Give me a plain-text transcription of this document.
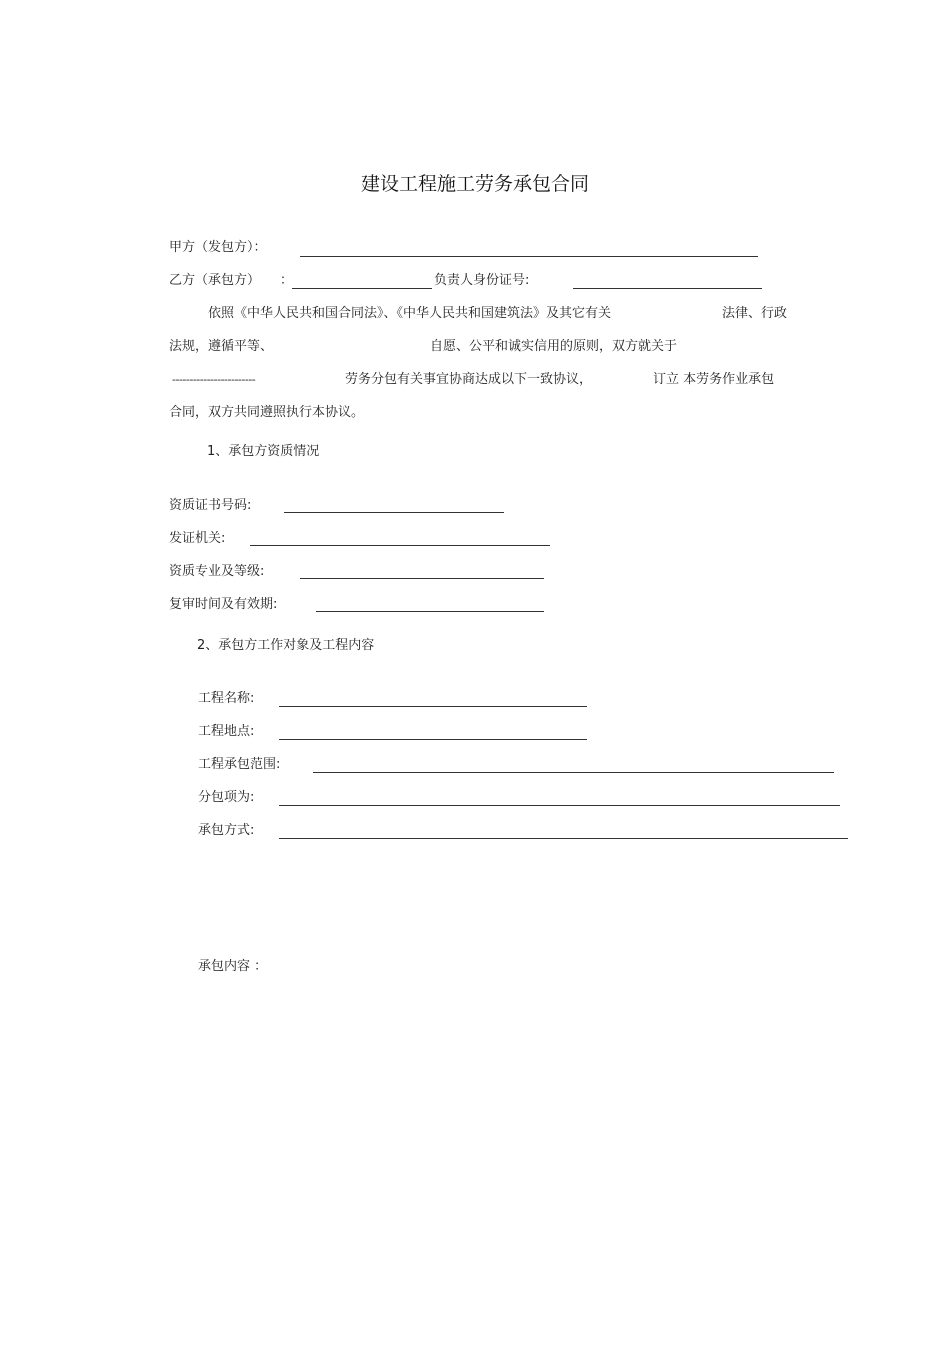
建设工程施工劳务承包合同
甲方（发包方）：
乙方（承包方） ：	负责人身份证号:
依照《中华人民共和国合同法》、《中华人民共和国建筑法》及其它有关	法律、行政
法规，遵循平等、	自愿、公平和诚实信用的原则，双方就关于
------------------------	劳务分包有关事宜协商达成以下一致协议，	订立 本劳务作业承包
合同，双方共同遵照执行本协议。
1、承包方资质情况
资质证书号码:
发证机关:
资质专业及等级:
复审时间及有效期:
2、承包方工作对象及工程内容
工程名称:
工程地点:
工程承包范围:
分包项为:
承包方式:
承包内容 ：
